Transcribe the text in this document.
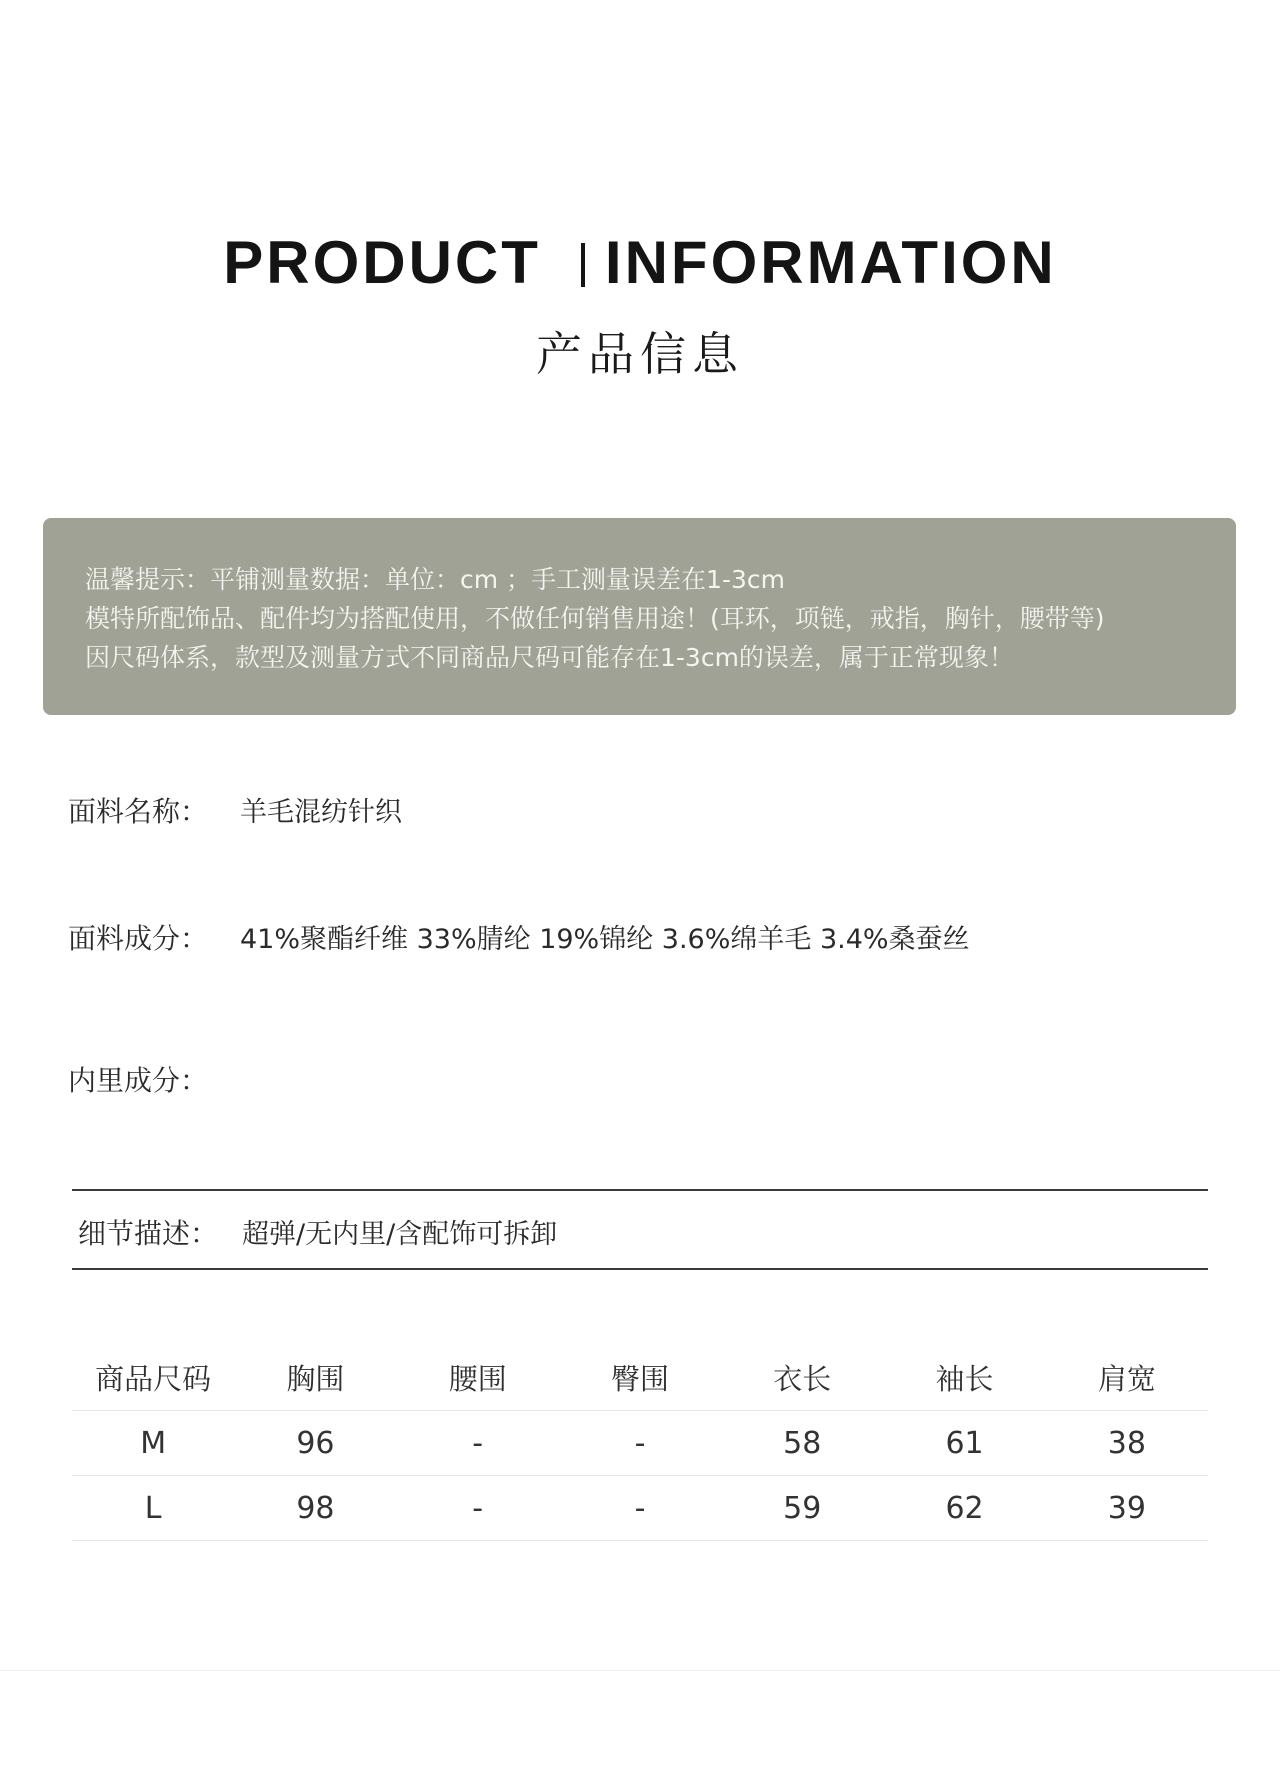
PRODUCT INFORMATION
产品信息
温馨提示：平铺测量数据：单位：cm ；手工测量误差在1-3cm
模特所配饰品、配件均为搭配使用，不做任何销售用途！(耳环，项链，戒指，胸针，腰带等)
因尺码体系，款型及测量方式不同商品尺码可能存在1-3cm的误差，属于正常现象！
面料名称： 羊毛混纺针织
面料成分： 41%聚酯纤维 33%腈纶 19%锦纶 3.6%绵羊毛 3.4%桑蚕丝
内里成分：
细节描述： 超弹/无内里/含配饰可拆卸
商品尺码	胸围	腰围	臀围	衣长	袖长	肩宽
M	96	-	-	58	61	38
L	98	-	-	59	62	39
